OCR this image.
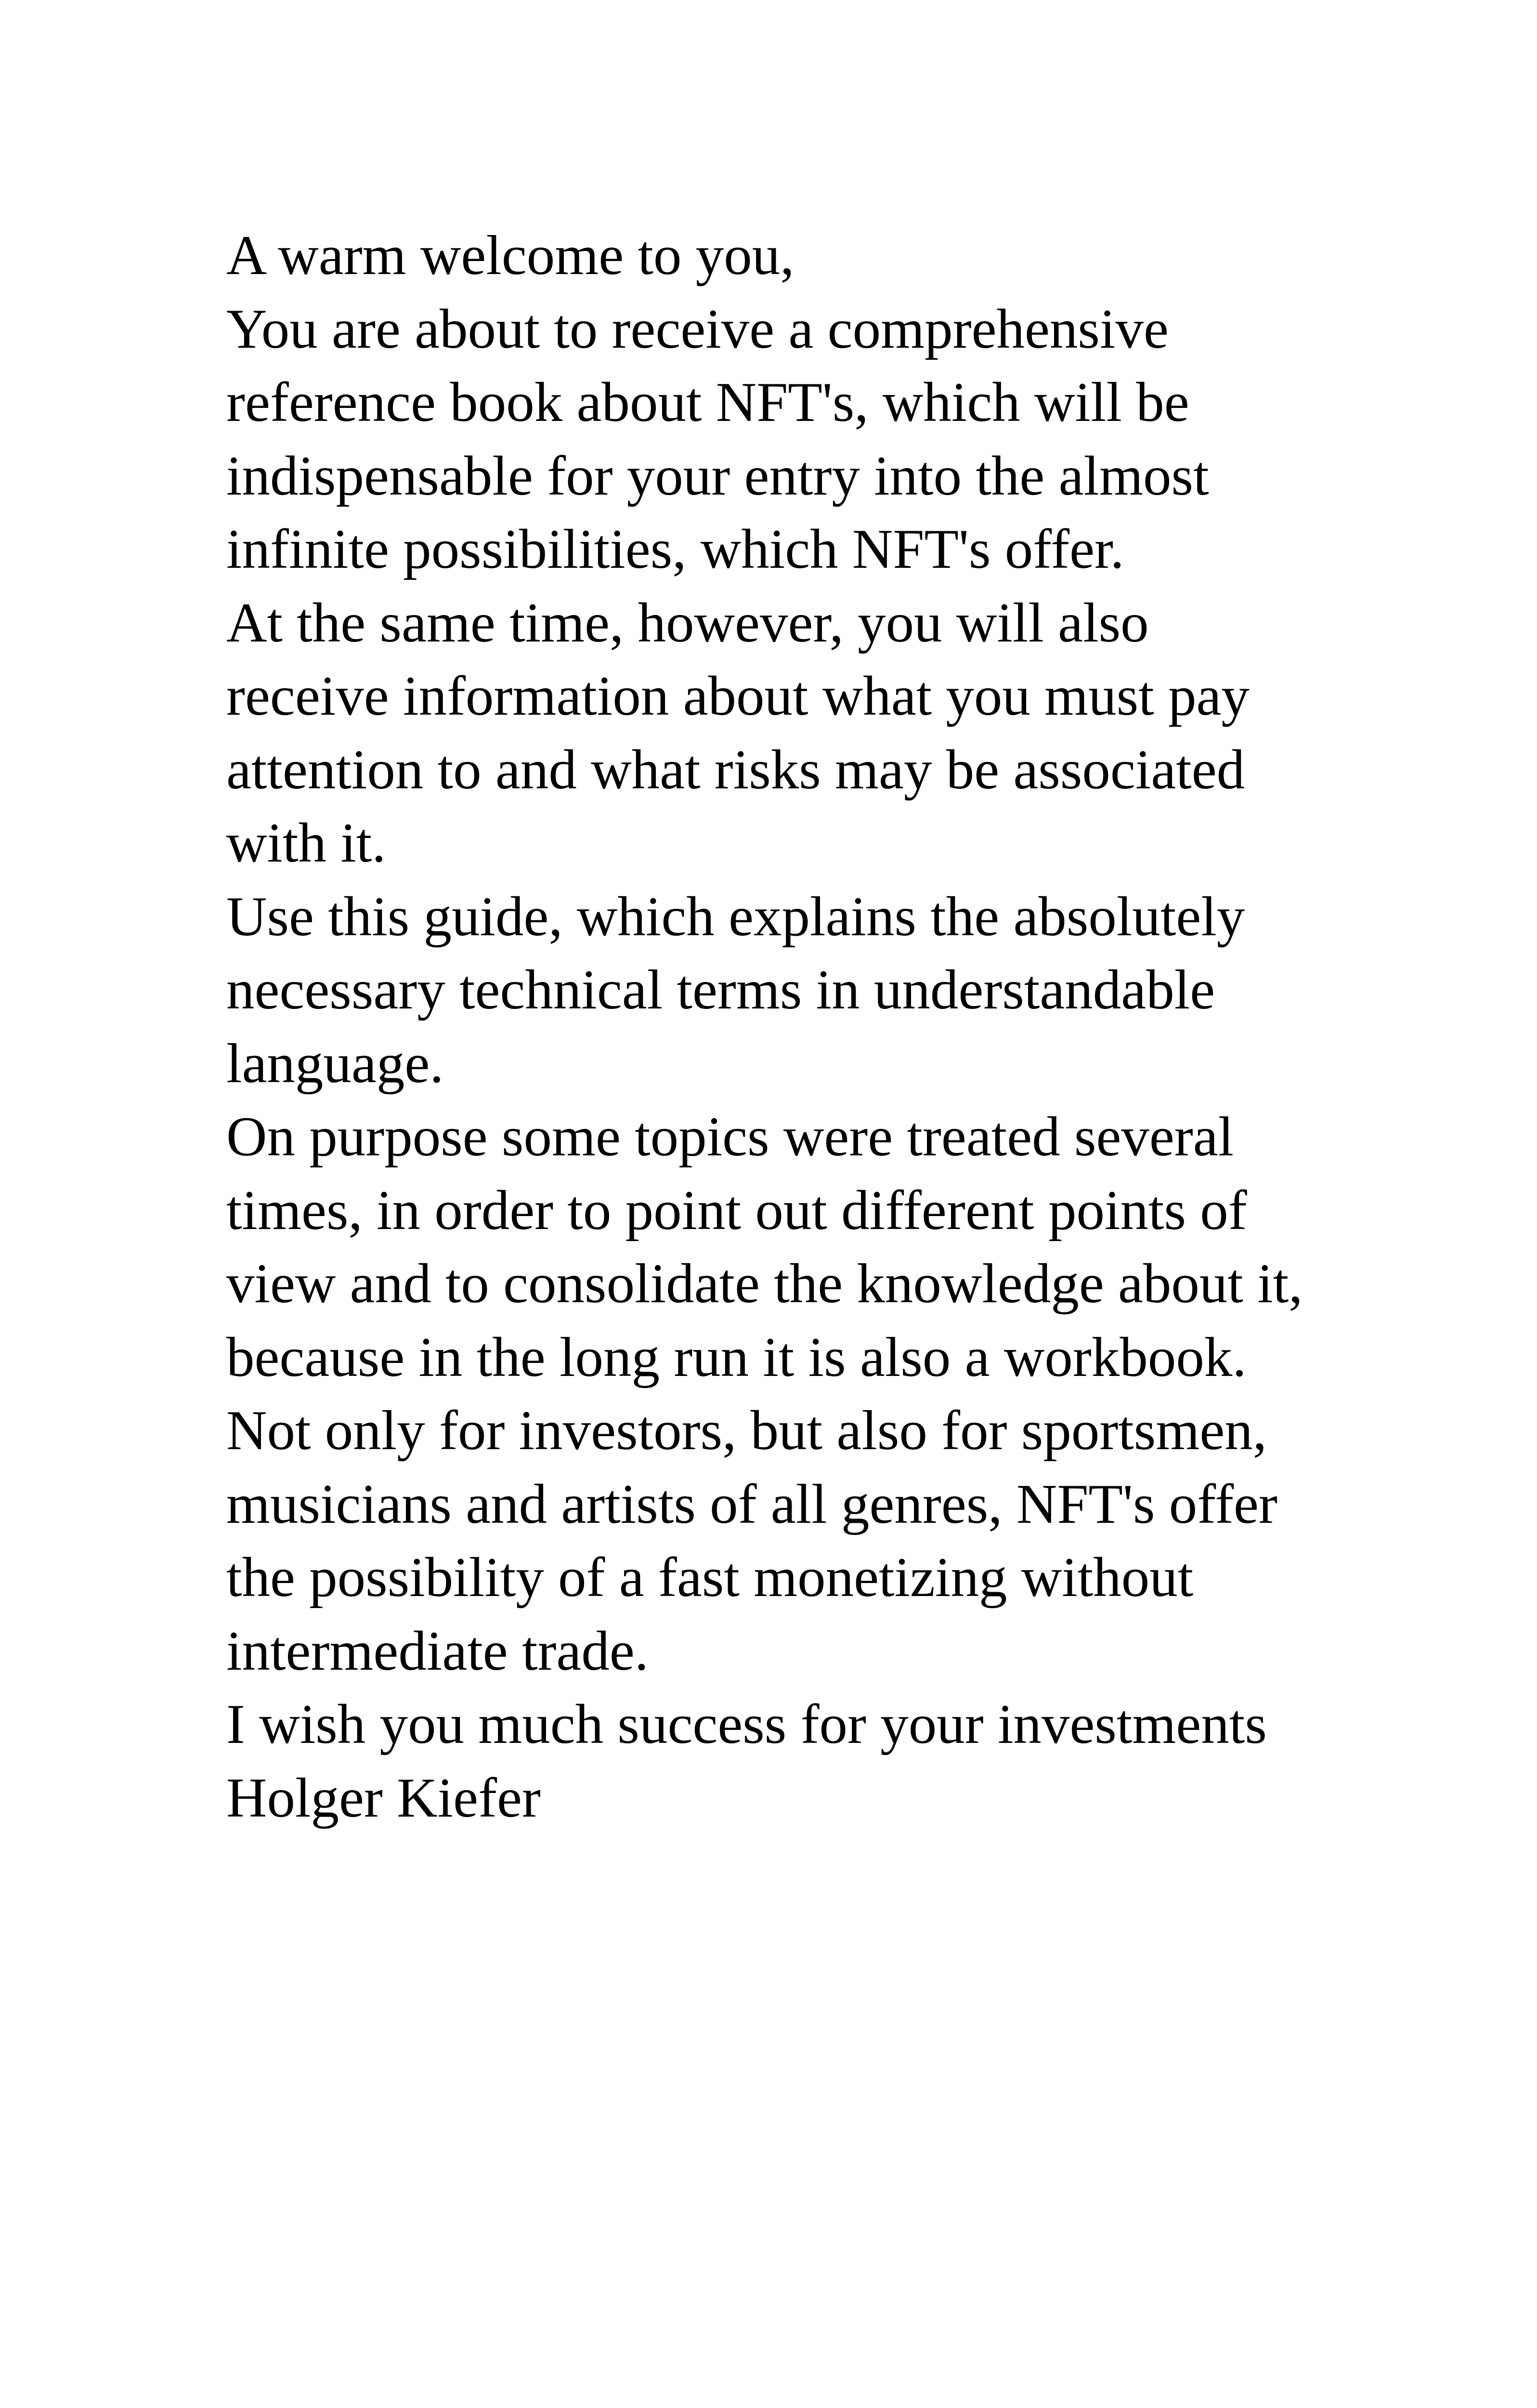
A warm welcome to you,
You are about to receive a comprehensive
reference book about NFT's, which will be
indispensable for your entry into the almost
infinite possibilities, which NFT's offer.
At the same time, however, you will also
receive information about what you must pay
attention to and what risks may be associated
with it.
Use this guide, which explains the absolutely
necessary technical terms in understandable
language.
On purpose some topics were treated several
times, in order to point out different points of
view and to consolidate the knowledge about it,
because in the long run it is also a workbook.
Not only for investors, but also for sportsmen,
musicians and artists of all genres, NFT's offer
the possibility of a fast monetizing without
intermediate trade.
I wish you much success for your investments
Holger Kiefer
